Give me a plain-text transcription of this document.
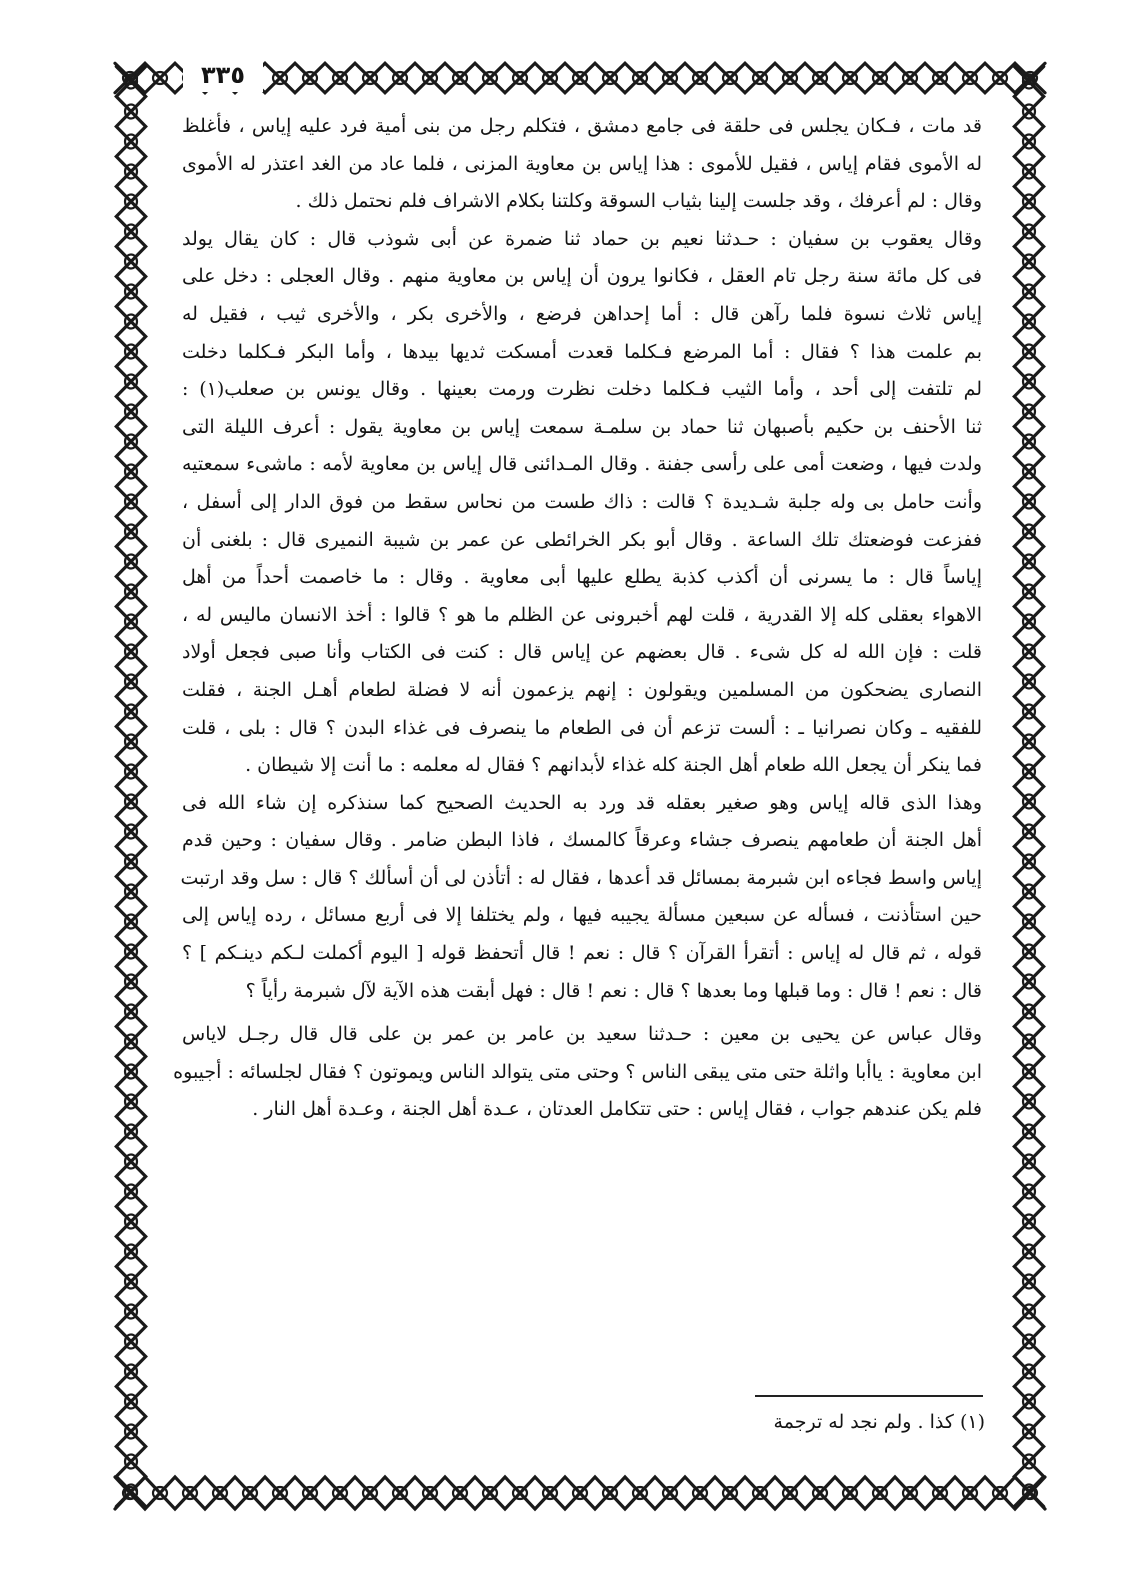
٣٣٥
قد مات ، فـكان يجلس فى حلقة فى جامع دمشق ، فتكلم رجل من بنى أمية فرد عليه إياس ، فأغلظ
له الأموى فقام إياس ، فقيل للأموى : هذا إياس بن معاوية المزنى ، فلما عاد من الغد اعتذر له الأموى
وقال : لم أعرفك ، وقد جلست إلينا بثياب السوقة وكلتنا بكلام الاشراف فلم نحتمل ذلك .
وقال يعقوب بن سفيان : حـدثنا نعيم بن حماد ثنا ضمرة عن أبى شوذب قال : كان يقال يولد
فى كل مائة سنة رجل تام العقل ، فكانوا يرون أن إياس بن معاوية منهم . وقال العجلى : دخل على
إياس ثلاث نسوة فلما رآهن قال : أما إحداهن فرضع ، والأخرى بكر ، والأخرى ثيب ، فقيل له
بم علمت هذا ؟ فقال : أما المرضع فـكلما قعدت أمسكت ثديها بيدها ، وأما البكر فـكلما دخلت
لم تلتفت إلى أحد ، وأما الثيب فـكلما دخلت نظرت ورمت بعينها . وقال يونس بن صعلب(١) :
ثنا الأحنف بن حكيم بأصبهان ثنا حماد بن سلمـة سمعت إياس بن معاوية يقول : أعرف الليلة التى
ولدت فيها ، وضعت أمى على رأسى جفنة . وقال المـدائنى قال إياس بن معاوية لأمه : ماشىء سمعتيه
وأنت حامل بى وله جلبة شـديدة ؟ قالت : ذاك طست من نحاس سقط من فوق الدار إلى أسفل ،
ففزعت فوضعتك تلك الساعة . وقال أبو بكر الخرائطى عن عمر بن شيبة النميرى قال : بلغنى أن
إياساً قال : ما يسرنى أن أكذب كذبة يطلع عليها أبى معاوية . وقال : ما خاصمت أحداً من أهل
الاهواء بعقلى كله إلا القدرية ، قلت لهم أخبرونى عن الظلم ما هو ؟ قالوا : أخذ الانسان ماليس له ،
قلت : فإن الله له كل شىء . قال بعضهم عن إياس قال : كنت فى الكتاب وأنا صبى فجعل أولاد
النصارى يضحكون من المسلمين ويقولون : إنهم يزعمون أنه لا فضلة لطعام أهـل الجنة ، فقلت
للفقيه ـ وكان نصرانيا ـ : ألست تزعم أن فى الطعام ما ينصرف فى غذاء البدن ؟ قال : بلى ، قلت
فما ينكر أن يجعل الله طعام أهل الجنة كله غذاء لأبدانهم ؟ فقال له معلمه : ما أنت إلا شيطان .
وهذا الذى قاله إياس وهو صغير بعقله قد ورد به الحديث الصحيح كما سنذكره إن شاء الله فى
أهل الجنة أن طعامهم ينصرف جشاء وعرقاً كالمسك ، فاذا البطن ضامر . وقال سفيان : وحين قدم
إياس واسط فجاءه ابن شبرمة بمسائل قد أعدها ، فقال له : أتأذن لى أن أسألك ؟ قال : سل وقد ارتبت
حين استأذنت ، فسأله عن سبعين مسألة يجيبه فيها ، ولم يختلفا إلا فى أربع مسائل ، رده إياس إلى
قوله ، ثم قال له إياس : أتقرأ القرآن ؟ قال : نعم ! قال أتحفظ قوله [ اليوم أكملت لـكم دينـكم ] ؟
قال : نعم ! قال : وما قبلها وما بعدها ؟ قال : نعم ! قال : فهل أبقت هذه الآية لآل شبرمة رأياً ؟
وقال عباس عن يحيى بن معين : حـدثنا سعيد بن عامر بن عمر بن على قال قال رجـل لاياس
ابن معاوية : ياأبا واثلة حتى متى يبقى الناس ؟ وحتى متى يتوالد الناس ويموتون ؟ فقال لجلسائه : أجيبوه
فلم يكن عندهم جواب ، فقال إياس : حتى تتكامل العدتان ، عـدة أهل الجنة ، وعـدة أهل النار .
(١) كذا . ولم نجد له ترجمة
